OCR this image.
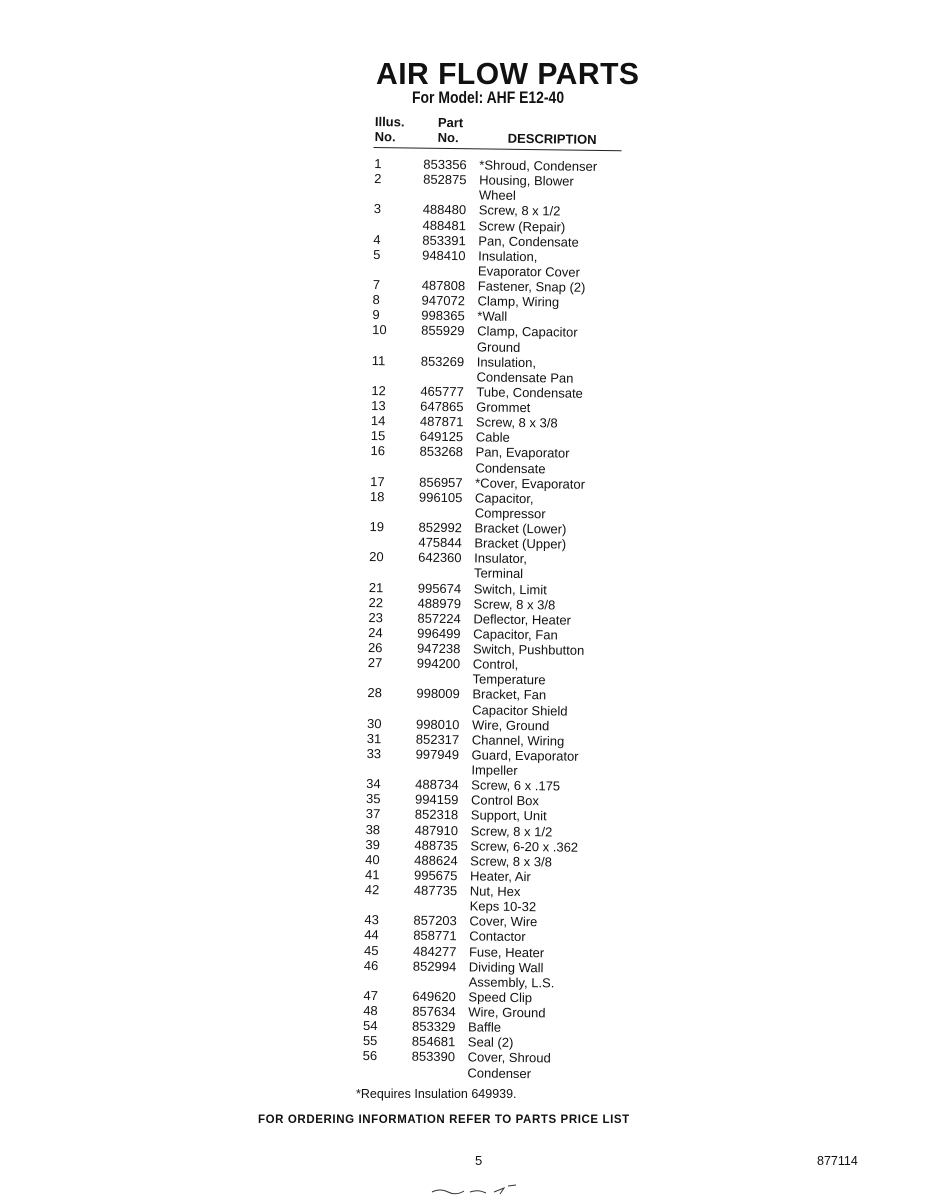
AIR FLOW PARTS
For Model: AHF E12-40
Illus.
No.
Part
No.	DESCRIPTION
1	853356 *Shroud, Condenser
2	852875 Housing, Blower
Wheel
3	488480 Screw, 8 x 1/2
488481 Screw (Repair)
4	853391 Pan, Condensate
5	948410 Insulation,
Evaporator Cover
7	487808 Fastener, Snap (2)
8	947072 Clamp, Wiring
9	998365 *Wall
10	855929 Clamp, Capacitor
Ground
11	853269 Insulation,
Condensate Pan
12	465777 Tube, Condensate
13	647865 Grommet
14	487871 Screw, 8 x 3/8
15	649125 Cable
16	853268 Pan, Evaporator
Condensate
17	856957 *Cover, Evaporator
18	996105 Capacitor,
Compressor
19	852992 Bracket (Lower)
475844 Bracket (Upper)
20	642360 Insulator,
Terminal
21	995674 Switch, Limit
22	488979 Screw, 8 x 3/8
23	857224 Deflector, Heater
24	996499 Capacitor, Fan
26	947238 Switch, Pushbutton
27	994200 Control,
Temperature
28	998009 Bracket, Fan
Capacitor Shield
30	998010 Wire, Ground
31	852317 Channel, Wiring
33	997949 Guard, Evaporator
Impeller
34	488734 Screw, 6 x .175
35	994159 Control Box
37	852318 Support, Unit
38	487910 Screw, 8 x 1/2
39	488735 Screw, 6-20 x .362
40	488624 Screw, 8 x 3/8
41	995675 Heater, Air
42	487735 Nut, Hex
Keps 10-32
43	857203 Cover, Wire
44	858771 Contactor
45	484277 Fuse, Heater
46	852994 Dividing Wall
Assembly, L.S.
47	649620 Speed Clip
48	857634 Wire, Ground
54	853329 Baffle
55	854681 Seal (2)
56	853390 Cover, Shroud
Condenser
*Requires Insulation 649939.
FOR ORDERING INFORMATION REFER TO PARTS PRICE LIST
5	877114
